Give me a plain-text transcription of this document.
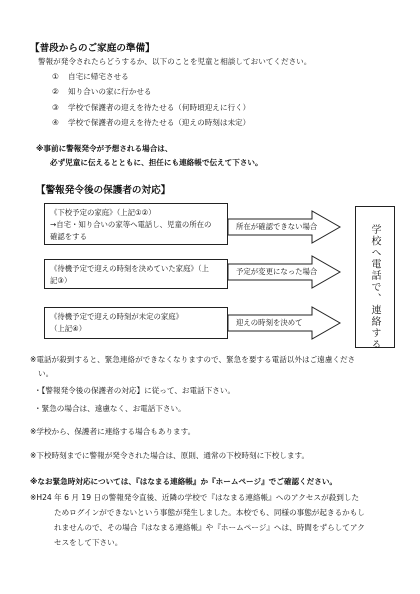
【普段からのご家庭の準備】
警報が発令されたらどうするか、以下のことを児童と相談しておいてください。
① 自宅に帰宅させる
② 知り合いの家に行かせる
③ 学校で保護者の迎えを待たせる（何時頃迎えに行く）
④ 学校で保護者の迎えを待たせる（迎えの時刻は未定）
※事前に警報発令が予想される場合は、
必ず児童に伝えるとともに、担任にも連絡帳で伝えて下さい。
【警報発令後の保護者の対応】
《下校予定の家庭》（上記①②）
→自宅・知り合いの家等へ電話し、児童の所在の
確認をする
《待機予定で迎えの時刻を決めていた家庭》（上
記③）
《待機予定で迎えの時刻が未定の家庭》
（上記④）
所在が確認できない場合
予定が変更になった場合
迎えの時刻を決めて	学校へ電話で、連絡する
※電話が殺到すると、緊急連絡ができなくなりますので、緊急を要する電話以外はご遠慮くださ
い。
・【警報発令後の保護者の対応】に従って、お電話下さい。
・緊急の場合は、遠慮なく、お電話下さい。
※学校から、保護者に連絡する場合もあります。
※下校時刻までに警報が発令された場合は、原則、通常の下校時刻に下校します。
※なお緊急時対応については、『はなまる連絡帳』か『ホームページ』でご確認ください。
※H24 年 6 月 19 日の警報発令直後、近隣の学校で『はなまる連絡帳』へのアクセスが殺到した
ためログインができないという事態が発生しました。本校でも、同様の事態が起きるかもし
れませんので、その場合『はなまる連絡帳』や『ホームページ』へは、時間をずらしてアク
セスをして下さい。
